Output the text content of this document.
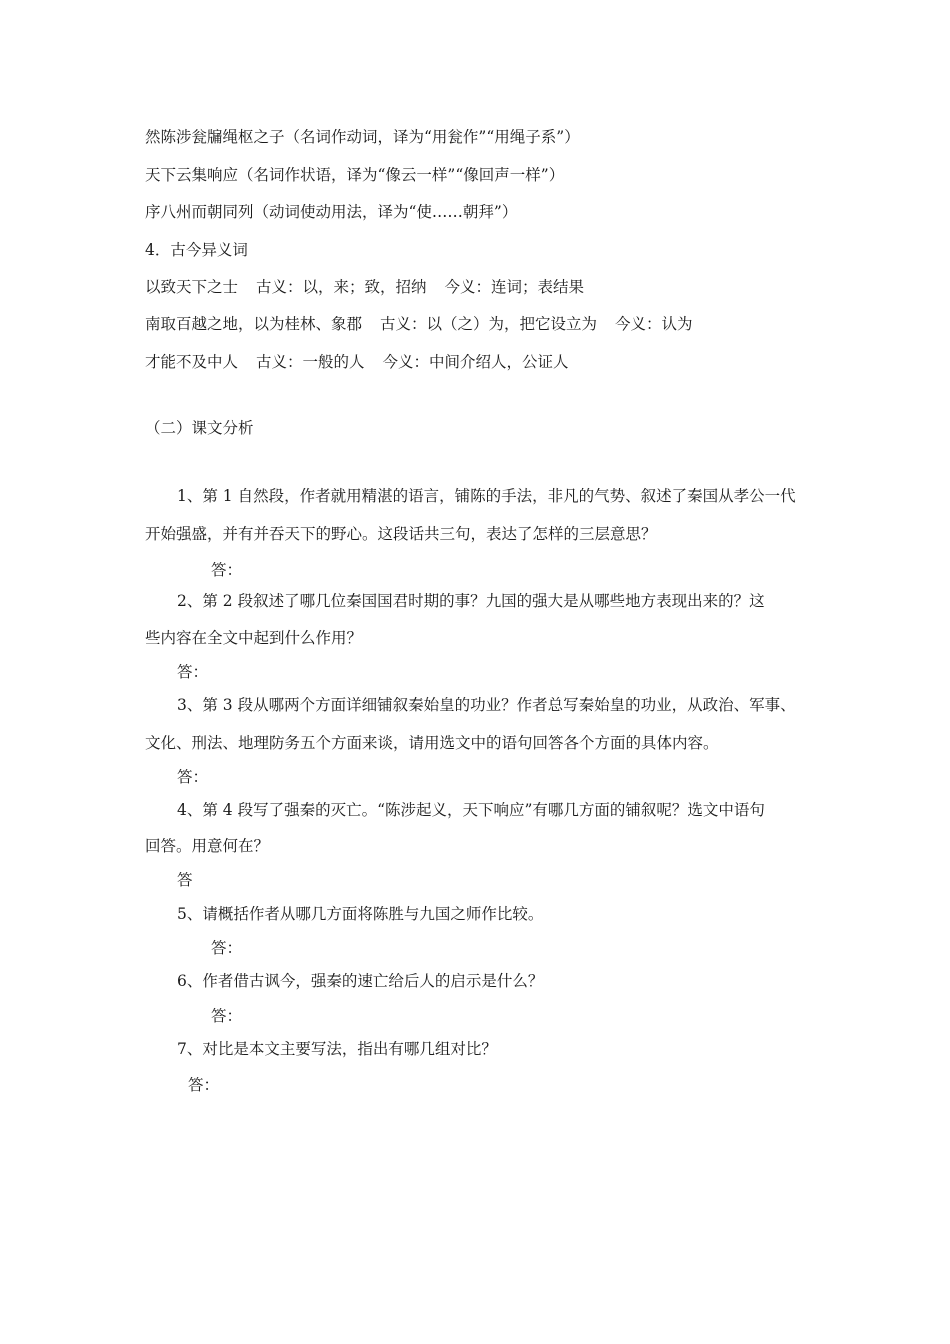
然陈涉瓮牖绳枢之子（名词作动词，译为“用瓮作”“用绳子系”）
天下云集响应（名词作状语，译为“像云一样”“像回声一样”）
序八州而朝同列（动词使动用法，译为“使……朝拜”）
4．古今异义词
以致天下之士 古义：以，来；致，招纳 今义：连词；表结果
南取百越之地，以为桂林、象郡 古义：以（之）为，把它设立为 今义：认为
才能不及中人 古义：一般的人 今义：中间介绍人，公证人
（二）课文分析
1、第 1 自然段，作者就用精湛的语言，铺陈的手法，非凡的气势、叙述了秦国从孝公一代
开始强盛，并有并吞天下的野心。这段话共三句，表达了怎样的三层意思？
答：
2、第 2 段叙述了哪几位秦国国君时期的事？九国的强大是从哪些地方表现出来的？这
些内容在全文中起到什么作用？
答：
3、第 3 段从哪两个方面详细铺叙秦始皇的功业？作者总写秦始皇的功业，从政治、军事、
文化、刑法、地理防务五个方面来谈，请用选文中的语句回答各个方面的具体内容。
答：
4、第 4 段写了强秦的灭亡。“陈涉起义，天下响应”有哪几方面的铺叙呢？选文中语句
回答。用意何在？
答
5、请概括作者从哪几方面将陈胜与九国之师作比较。
答：
6、作者借古讽今，强秦的速亡给后人的启示是什么？
答：
7、对比是本文主要写法，指出有哪几组对比？
答：
